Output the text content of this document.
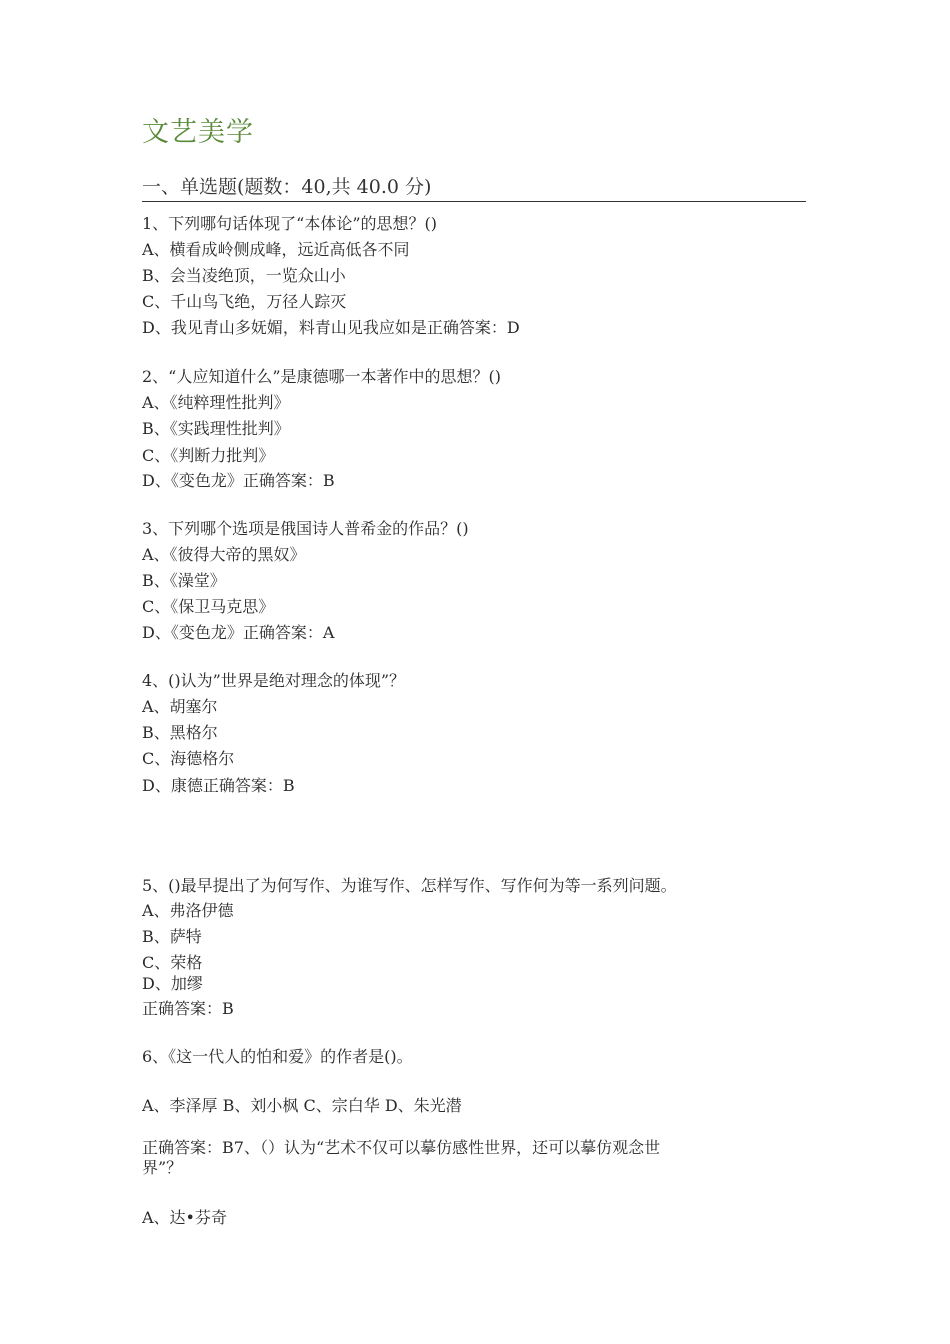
文艺美学
一、单选题(题数：40,共 40.0 分)
1、下列哪句话体现了“本体论”的思想？()
A、横看成岭侧成峰，远近高低各不同
B、会当凌绝顶，一览众山小
C、千山鸟飞绝，万径人踪灭
D、我见青山多妩媚，料青山见我应如是正确答案：D
2、“人应知道什么”是康德哪一本著作中的思想？()
A、《纯粹理性批判》
B、《实践理性批判》
C、《判断力批判》
D、《变色龙》正确答案：B
3、下列哪个选项是俄国诗人普希金的作品？()
A、《彼得大帝的黑奴》
B、《澡堂》
C、《保卫马克思》
D、《变色龙》正确答案：A
4、()认为”世界是绝对理念的体现”？
A、胡塞尔
B、黑格尔
C、海德格尔
D、康德正确答案：B
5、()最早提出了为何写作、为谁写作、怎样写作、写作何为等一系列问题。
A、弗洛伊德
B、萨特
C、荣格
D、加缪
正确答案：B
6、《这一代人的怕和爱》的作者是()。
A、李泽厚 B、刘小枫 C、宗白华 D、朱光潜
正确答案：B7、（）认为“艺术不仅可以摹仿感性世界，还可以摹仿观念世
界”？
A、达•芬奇
